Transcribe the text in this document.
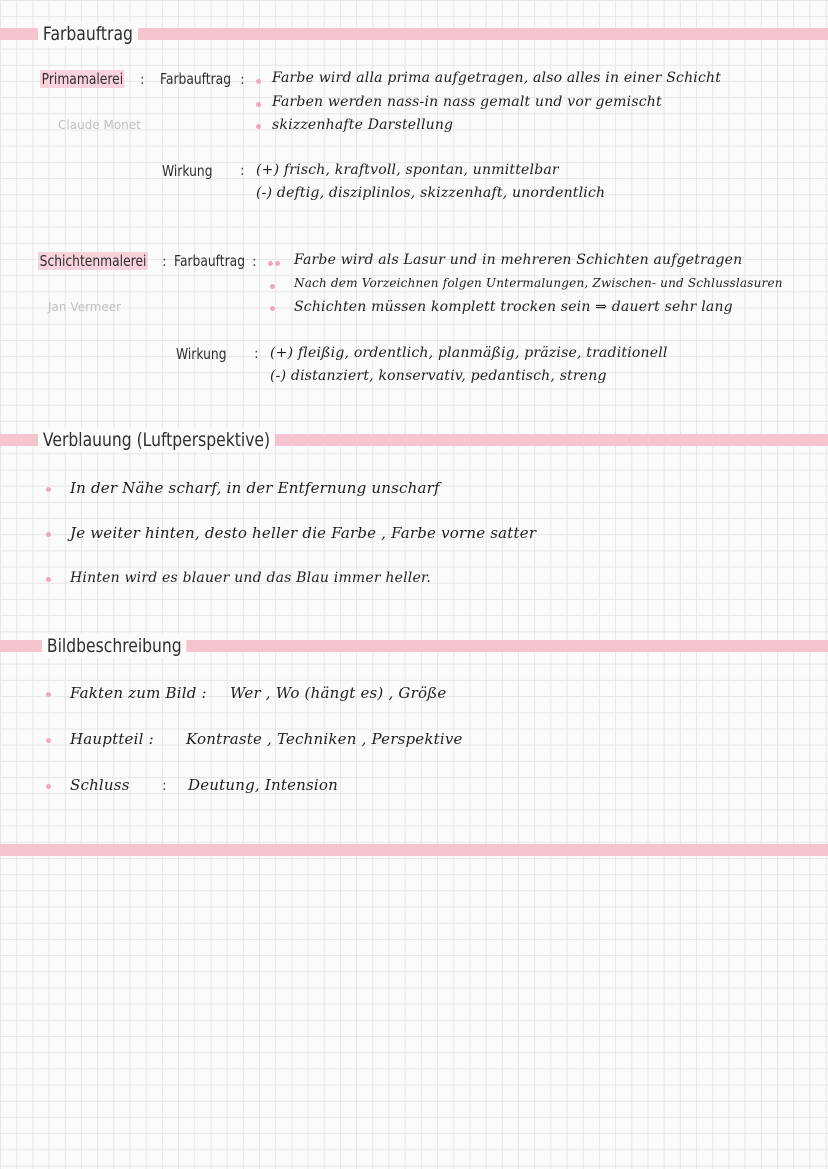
Farbauftrag
Primamalerei : Farbauftrag :
Claude Monet
Farbe wird alla prima aufgetragen, also alles in einer Schicht
Farben werden nass-in nass gemalt und vor gemischt
skizzenhafte Darstellung
Wirkung : (+) frisch, kraftvoll, spontan, unmittelbar
(-) deftig, disziplinlos, skizzenhaft, unordentlich
Schichtenmalerei : Farbauftrag :
Jan Vermeer
Farbe wird als Lasur und in mehreren Schichten aufgetragen
Nach dem Vorzeichnen folgen Untermalungen, Zwischen- und Schlusslasuren
Schichten müssen komplett trocken sein ⇒ dauert sehr lang
Wirkung : (+) fleißig, ordentlich, planmäßig, präzise, traditionell
(-) distanziert, konservativ, pedantisch, streng
Verblauung (Luftperspektive)
In der Nähe scharf, in der Entfernung unscharf
Je weiter hinten, desto heller die Farbe , Farbe vorne satter
Hinten wird es blauer und das Blau immer heller.
Bildbeschreibung
Fakten zum Bild : Wer , Wo (hängt es) , Größe
Hauptteil : Kontraste , Techniken , Perspektive
Schluss : Deutung, Intension
